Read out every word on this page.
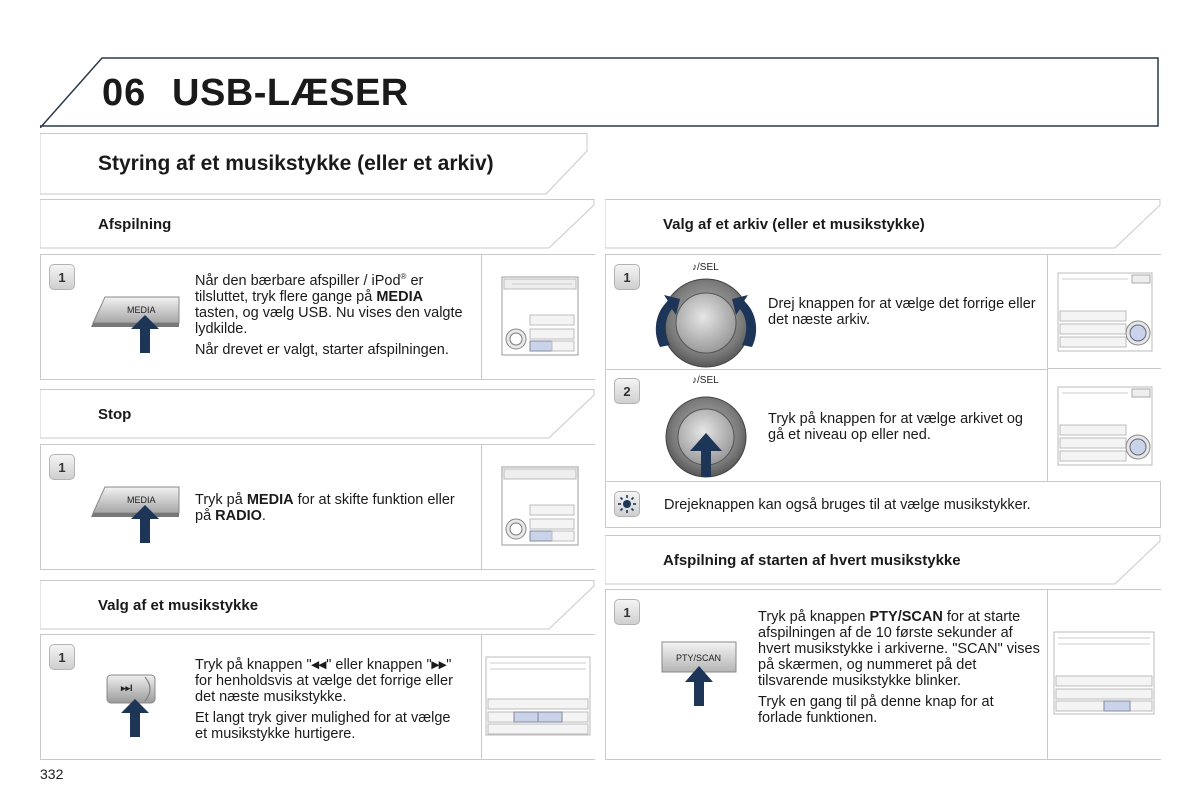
06 USB-LÆSER
Styring af et musikstykke (eller et arkiv)
Afspilning
1
MEDIA

Når den bærbare afspiller / iPod® er tilsluttet, tryk flere gange på MEDIA tasten, og vælg USB. Nu vises den valgte lydkilde.

Når drevet er valgt, starter afspilningen.

Stop
1
MEDIA	Tryk på MEDIA for at skifte funktion eller på RADIO.

Valg af et musikstykke
1
▸▸I

Tryk på knappen "◂◂" eller knappen "▸▸" for henholdsvis at vælge det forrige eller det næste musikstykke.

Et langt tryk giver mulighed for at vælge et musikstykke hurtigere.

Valg af et arkiv (eller et musikstykke)
1
♪/SEL
Drej knappen for at vælge det forrige eller det næste arkiv.
2
♪/SEL
Tryk på knappen for at vælge arkivet og gå et niveau op eller ned.
Drejeknappen kan også bruges til at vælge musikstykker.
Afspilning af starten af hvert musikstykke
1
PTY/SCAN

Tryk på knappen PTY/SCAN for at starte afspilningen af de 10 første sekunder af hvert musikstykke i arkiverne. "SCAN" vises på skærmen, og nummeret på det tilsvarende musikstykke blinker.

Tryk en gang til på denne knap for at forlade funktionen.

332
